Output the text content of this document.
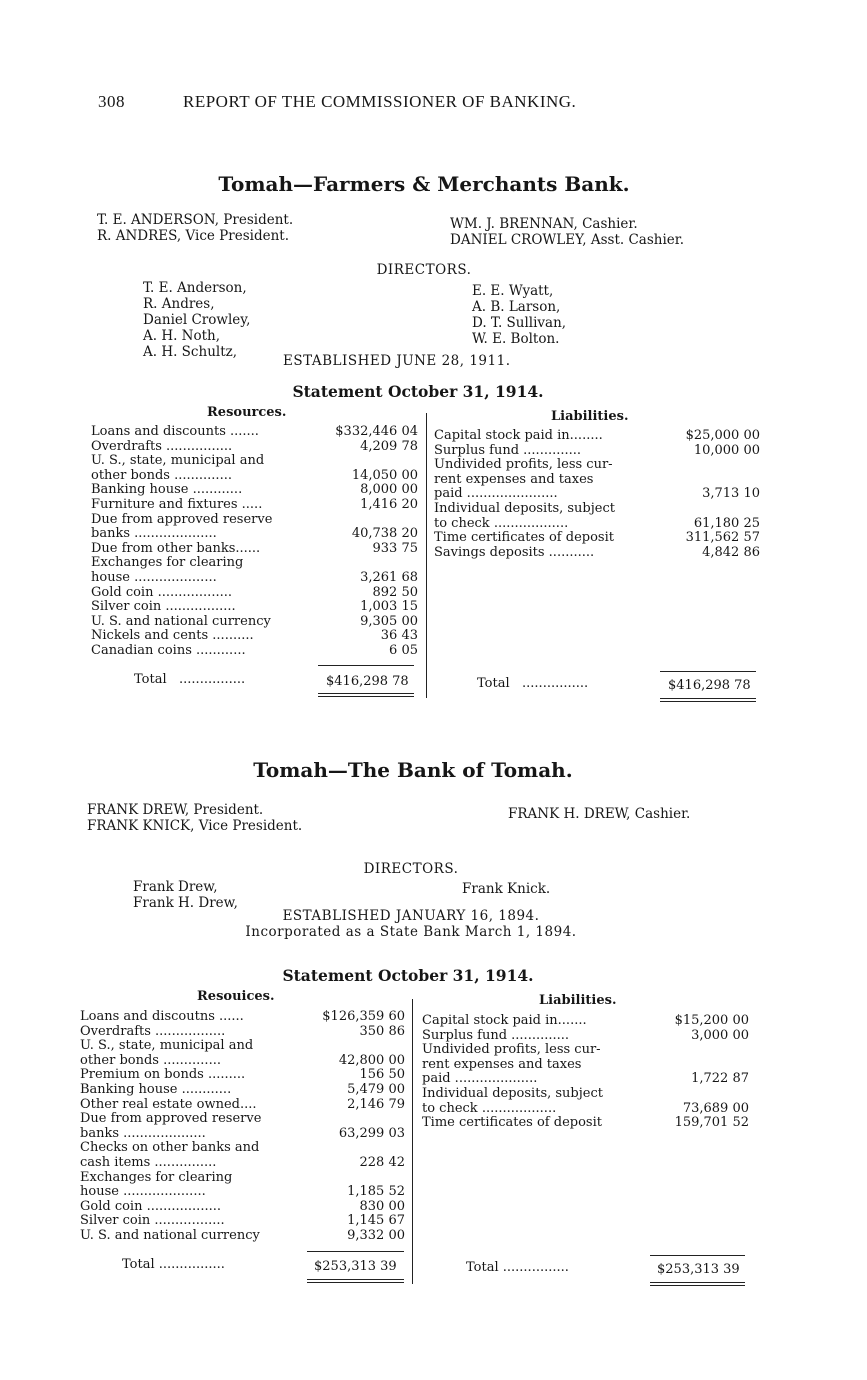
308	REPORT OF THE COMMISSIONER OF BANKING.
Tomah—Farmers & Merchants Bank.
T. E. ANDERSON, President.
R. ANDRES, Vice President.
WM. J. BRENNAN, Cashier.
DANIEL CROWLEY, Asst. Cashier.
DIRECTORS.
T. E. Anderson,
R. Andres,
Daniel Crowley,
A. H. Noth,
A. H. Schultz,
E. E. Wyatt,
A. B. Larson,
D. T. Sullivan,
W. E. Bolton.
ESTABLISHED JUNE 28, 1911.
Statement October 31, 1914.
Resources.	Liabilities.
Loans and discounts .......	$332,446 04
Overdrafts ................	4,209 78
U. S., state, municipal and
other bonds ..............	14,050 00
Banking house ............	8,000 00
Furniture and fixtures .....	1,416 20
Due from approved reserve
banks ....................	40,738 20
Due from other banks......	933 75
Exchanges for clearing
house ....................	3,261 68
Gold coin ..................	892 50
Silver coin .................	1,003 15
U. S. and national currency	9,305 00
Nickels and cents ..........	36 43
Canadian coins ............	6 05
Capital stock paid in........	$25,000 00
Surplus fund ..............	10,000 00
Undivided profits, less cur-
rent expenses and taxes
paid ......................	3,713 10
Individual deposits, subject
to check ..................	61,180 25
Time certificates of deposit	311,562 57
Savings deposits ...........	4,842 86
Total ................	$416,298 78	Total ................	$416,298 78
Tomah—The Bank of Tomah.
FRANK DREW, President.
FRANK KNICK, Vice President.
FRANK H. DREW, Cashier.
DIRECTORS.
Frank Drew,
Frank H. Drew,
Frank Knick.
ESTABLISHED JANUARY 16, 1894.
Incorporated as a State Bank March 1, 1894.
Statement October 31, 1914.
Resouices.	Liabilities.
Loans and discoutns ......	$126,359 60
Overdrafts .................	350 86
U. S., state, municipal and
other bonds ..............	42,800 00
Premium on bonds .........	156 50
Banking house ............	5,479 00
Other real estate owned....	2,146 79
Due from approved reserve
banks ....................	63,299 03
Checks on other banks and
cash items ...............	228 42
Exchanges for clearing
house ....................	1,185 52
Gold coin ..................	830 00
Silver coin .................	1,145 67
U. S. and national currency	9,332 00
Capital stock paid in.......	$15,200 00
Surplus fund ..............	3,000 00
Undivided profits, less cur-
rent expenses and taxes
paid ....................	1,722 87
Individual deposits, subject
to check ..................	73,689 00
Time certificates of deposit	159,701 52
Total ................	$253,313 39	Total ................	$253,313 39
